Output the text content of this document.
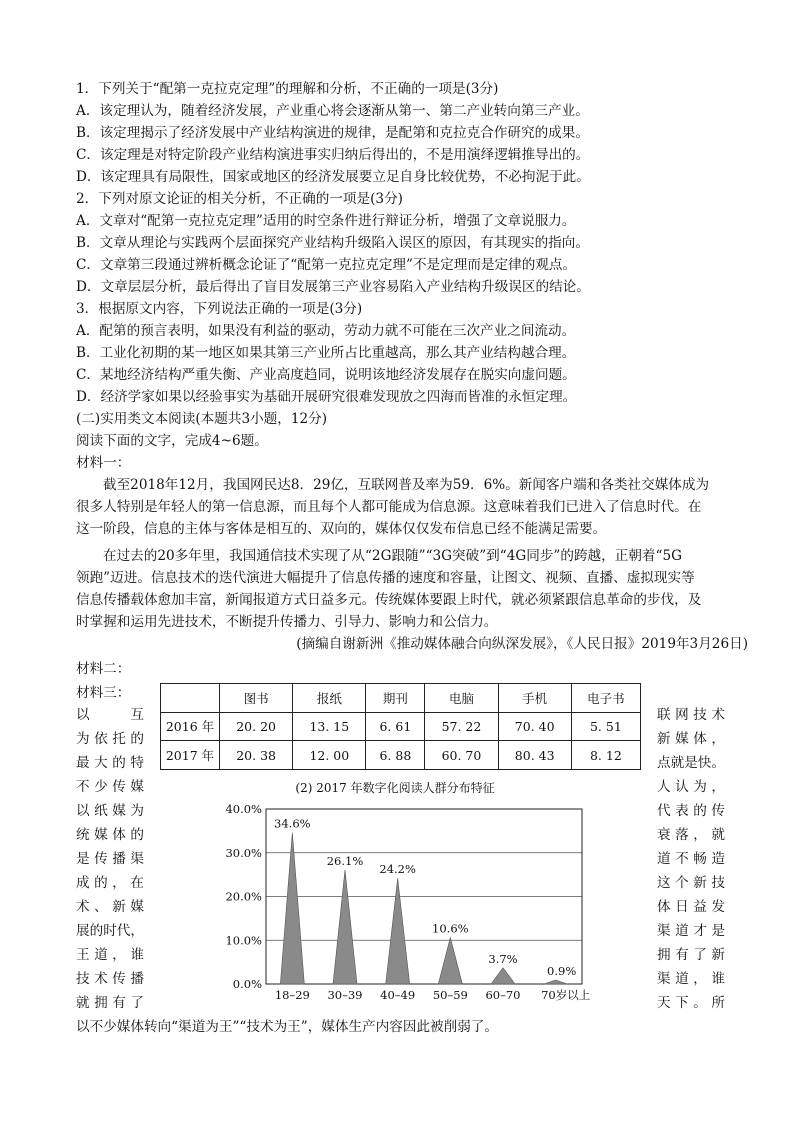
1．下列关于“配第一克拉克定理”的理解和分析，不正确的一项是(3分)
A．该定理认为，随着经济发展，产业重心将会逐渐从第一、第二产业转向第三产业。
B．该定理揭示了经济发展中产业结构演进的规律，是配第和克拉克合作研究的成果。
C．该定理是对特定阶段产业结构演进事实归纳后得出的，不是用演绎逻辑推导出的。
D．该定理具有局限性，国家或地区的经济发展要立足自身比较优势，不必拘泥于此。
2．下列对原文论证的相关分析，不正确的一项是(3分)
A．文章对“配第一克拉克定理”适用的时空条件进行辩证分析，增强了文章说服力。
B．文章从理论与实践两个层面探究产业结构升级陷入误区的原因，有其现实的指向。
C．文章第三段通过辨析概念论证了“配第一克拉克定理”不是定理而是定律的观点。
D．文章层层分析，最后得出了盲目发展第三产业容易陷入产业结构升级误区的结论。
3．根据原文内容，下列说法正确的一项是(3分)
A．配第的预言表明，如果没有利益的驱动，劳动力就不可能在三次产业之间流动。
B．工业化初期的某一地区如果其第三产业所占比重越高，那么其产业结构越合理。
C．某地经济结构严重失衡、产业高度趋同，说明该地经济发展存在脱实向虚问题。
D．经济学家如果以经验事实为基础开展研究很难发现放之四海而皆准的永恒定理。
(二)实用类文本阅读(本题共3小题，12分)
阅读下面的文字，完成4~6题。
材料一：
截至2018年12月，我国网民达8．29亿，互联网普及率为59．6%。新闻客户端和各类社交媒体成为
很多人特别是年轻人的第一信息源，而且每个人都可能成为信息源。这意味着我们已进入了信息时代。在
这一阶段，信息的主体与客体是相互的、双向的，媒体仅仅发布信息已经不能满足需要。
在过去的20多年里，我国通信技术实现了从“2G跟随”“3G突破”到“4G同步”的跨越，正朝着“5G
领跑”迈进。信息技术的迭代演进大幅提升了信息传播的速度和容量，让图文、视频、直播、虚拟现实等
信息传播载体愈加丰富，新闻报道方式日益多元。传统媒体要跟上时代，就必须紧跟信息革命的步伐，及
时掌握和运用先进技术，不断提升传播力、引导力、影响力和公信力。
(摘编自谢新洲《推动媒体融合向纵深发展》，《人民日报》2019年3月26日)
材料二：
材料三：
以　互
为依托的
最大的特
不少传媒
以纸媒为
统媒体的
是传播渠
成的，在
术、新媒
展的时代，
王道，谁
技术传播
就拥有了
联网技术
新媒体，
点就是快。
人认为，
代表的传
衰落，就
道不畅造
这个新技
体日益发
渠道才是
拥有了新
渠道，谁
天下。所
以不少媒体转向“渠道为王”“技术为王”，媒体生产内容因此被削弱了。
	图书	报纸	期刊	电脑	手机	电子书
2016 年	20. 20	13. 15	6. 61	57. 22	70. 40	5. 51
2017 年	20. 38	12. 00	6. 88	60. 70	80. 43	8. 12
(2) 2017 年数字化阅读人群分布特征
0.0%
10.0%
20.0%
30.0%
40.0%
34.6%
18–29
26.1%
30–39
24.2%
40–49
10.6%
50–59
3.7%
60–70
0.9%
70岁以上
